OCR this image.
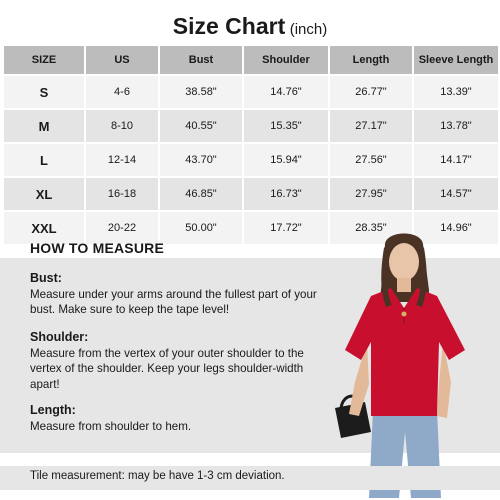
Size Chart (inch)
SIZE	US	Bust	Shoulder	Length	Sleeve Length
S	4-6	38.58"	14.76"	26.77"	13.39"
M	8-10	40.55"	15.35"	27.17"	13.78"
L	12-14	43.70"	15.94"	27.56"	14.17"
XL	16-18	46.85"	16.73"	27.95"	14.57"
XXL	20-22	50.00"	17.72"	28.35"	14.96"
HOW TO MEASURE
Bust:
Measure under your arms around the fullest part of your bust. Make sure to keep the tape level!
Shoulder:
Measure from the vertex of your outer shoulder to the vertex of the shoulder. Keep your legs shoulder-width apart!
Length:
Measure from shoulder to hem.
Tile measurement: may be have 1-3 cm deviation.
